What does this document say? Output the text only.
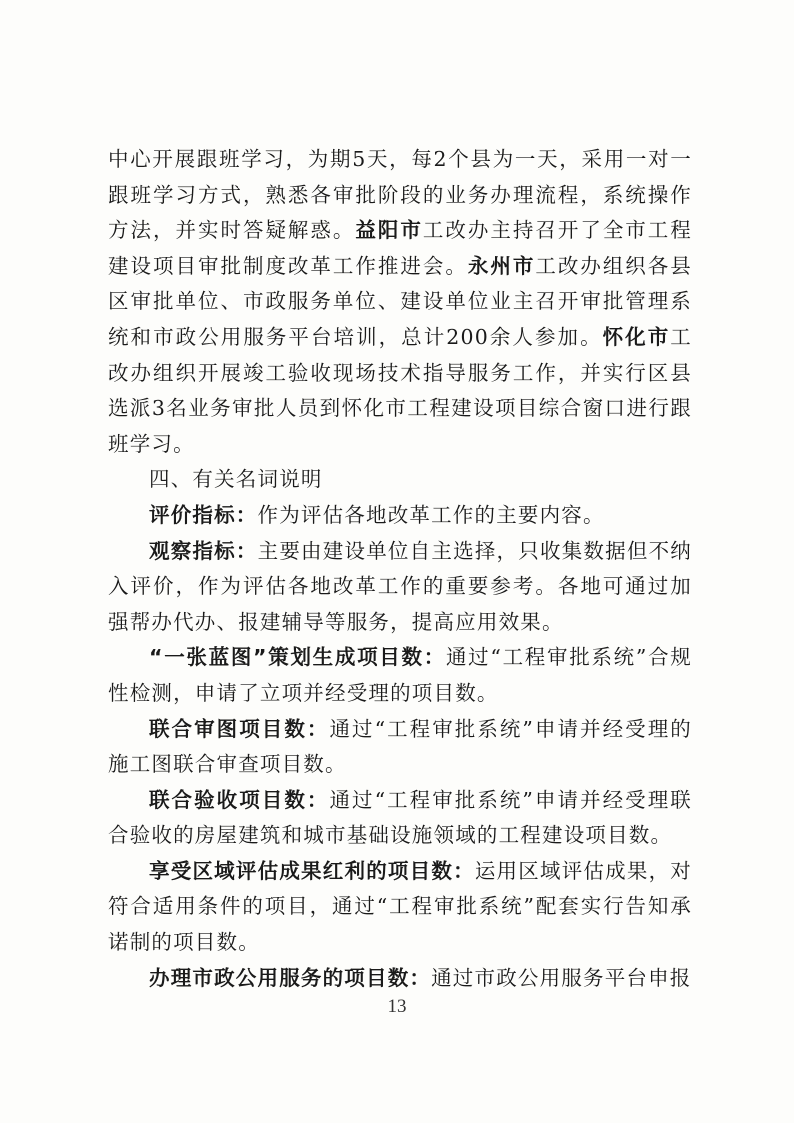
中心开展跟班学习，为期5天，每2个县为一天，采用一对一跟班学习方式，熟悉各审批阶段的业务办理流程，系统操作方法，并实时答疑解惑。益阳市工改办主持召开了全市工程建设项目审批制度改革工作推进会。永州市工改办组织各县区审批单位、市政服务单位、建设单位业主召开审批管理系统和市政公用服务平台培训，总计200余人参加。怀化市工改办组织开展竣工验收现场技术指导服务工作，并实行区县选派3名业务审批人员到怀化市工程建设项目综合窗口进行跟班学习。

四、有关名词说明

评价指标：作为评估各地改革工作的主要内容。

观察指标：主要由建设单位自主选择，只收集数据但不纳入评价，作为评估各地改革工作的重要参考。各地可通过加强帮办代办、报建辅导等服务，提高应用效果。

“一张蓝图”策划生成项目数：通过“工程审批系统”合规性检测，申请了立项并经受理的项目数。

联合审图项目数：通过“工程审批系统”申请并经受理的施工图联合审查项目数。

联合验收项目数：通过“工程审批系统”申请并经受理联合验收的房屋建筑和城市基础设施领域的工程建设项目数。

享受区域评估成果红利的项目数：运用区域评估成果，对符合适用条件的项目，通过“工程审批系统”配套实行告知承诺制的项目数。

办理市政公用服务的项目数：通过市政公用服务平台申报

13
